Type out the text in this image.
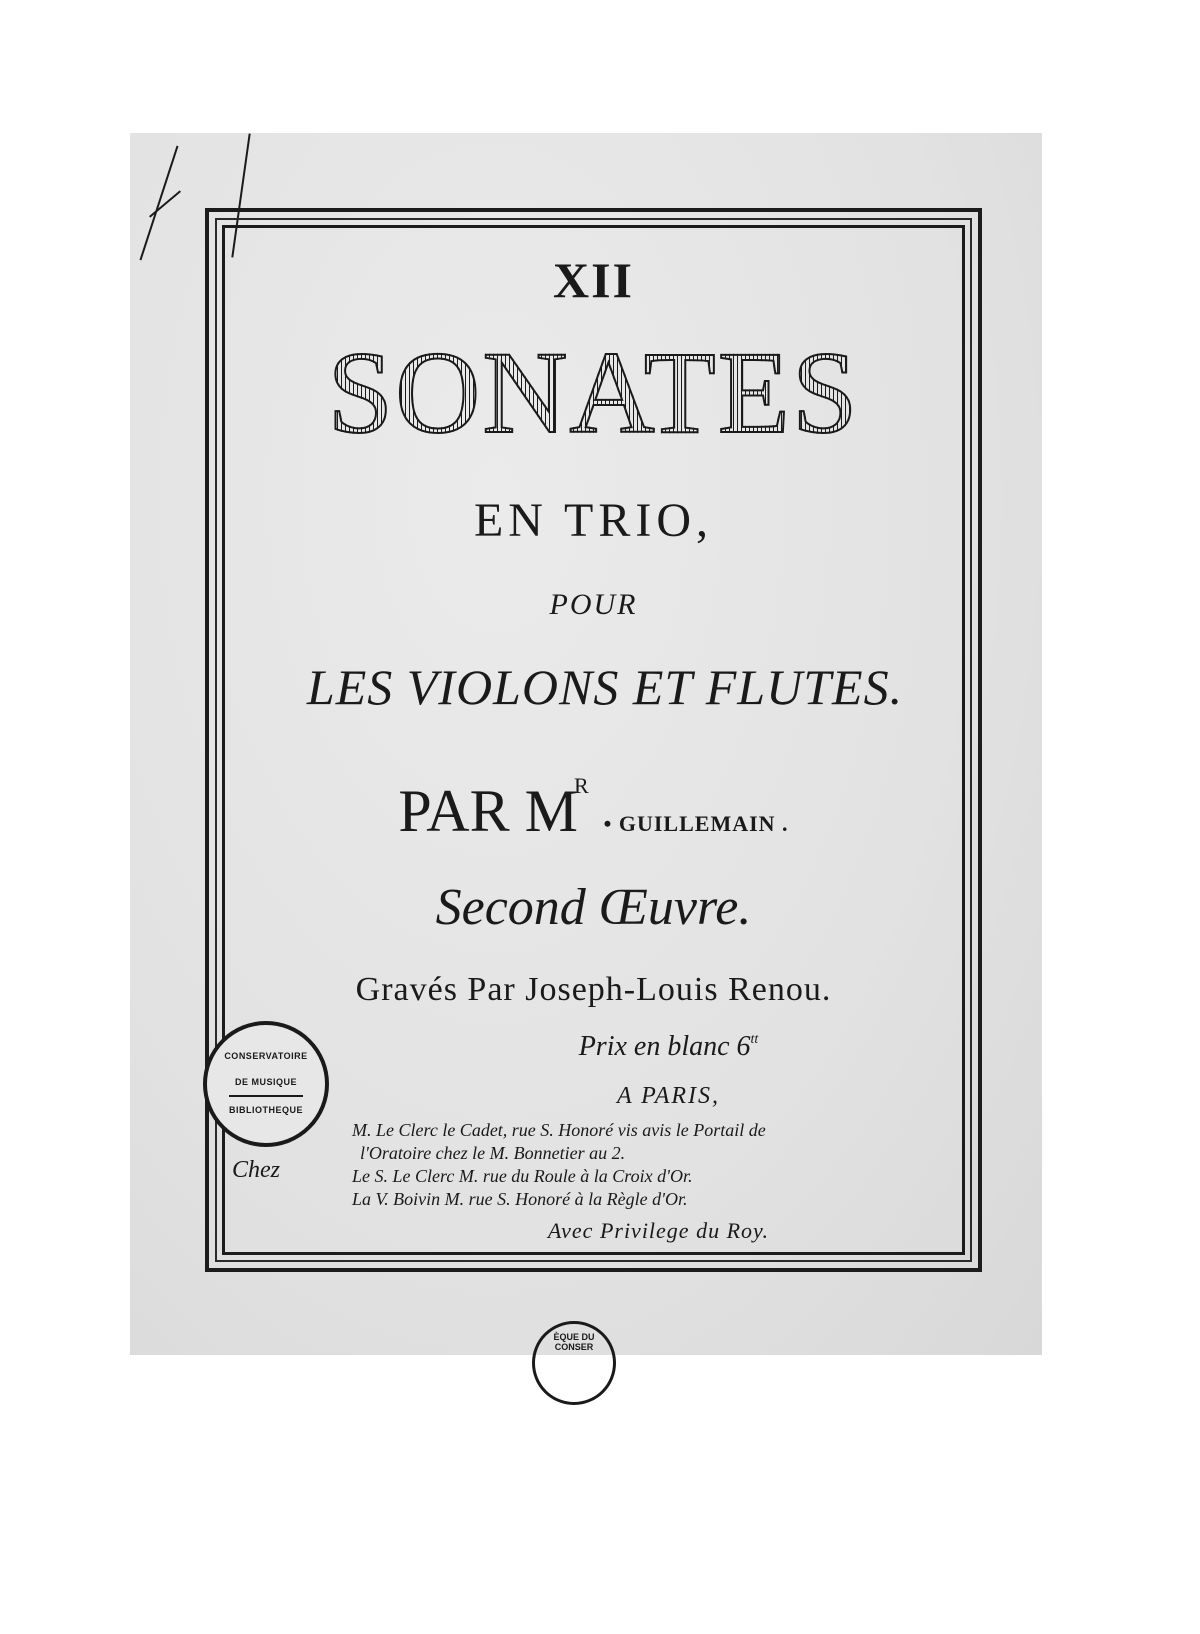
XII
SONATES
EN TRIO,
POUR
LES VIOLONS ET FLUTES.
PAR $M^R$ • GUILLEMAIN .
Second Œuvre.
Gravés Par Joseph-Louis Renou.
Prix en blanc $6^{tt}$
A PARIS,
Chez
M. Le Clerc le Cadet, rue S. Honoré vis avis le Portail de
l'Oratoire chez le M. Bonnetier au 2.
Le S. Le Clerc M. rue du Roule à la Croix d'Or.
La V. Boivin M. rue S. Honoré à la Règle d'Or.
Avec Privilege du Roy.
CONSERVATOIRE
DE MUSIQUE
BIBLIOTHEQUE
ÈQUE DU CONSER
